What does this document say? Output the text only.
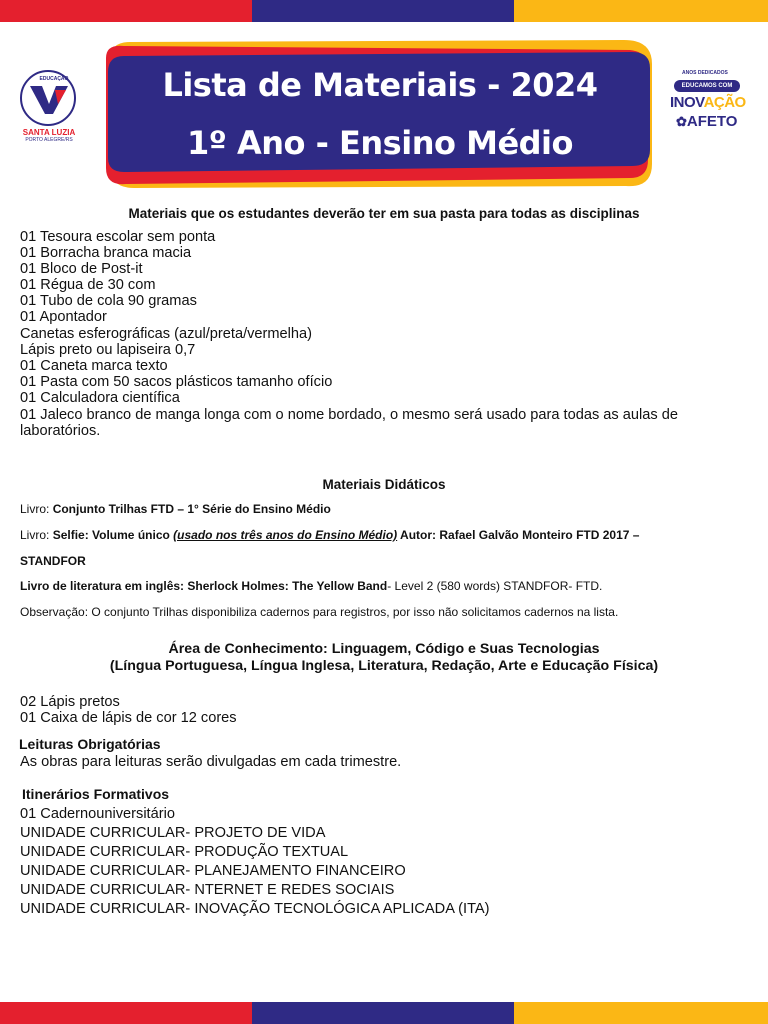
EDUCAÇÃO
SANTA LUZIA
PORTO ALEGRE/RS
ANOS DEDICADOS
EDUCAMOS COM
INOVAÇÃO
✿AFETO
Lista de Materiais - 2024
1º Ano - Ensino Médio
Materiais que os estudantes deverão ter em sua pasta para todas as disciplinas
01 Tesoura escolar sem ponta
01 Borracha branca macia
01 Bloco de Post-it
01 Régua de 30 com
01 Tubo de cola 90 gramas
01 Apontador
Canetas esferográficas (azul/preta/vermelha)
Lápis preto ou lapiseira 0,7
01 Caneta marca texto
01 Pasta com 50 sacos plásticos tamanho ofício
01 Calculadora científica
01 Jaleco branco de manga longa com o nome bordado, o mesmo será usado para todas as aulas de laboratórios.
Materiais Didáticos
Livro: Conjunto Trilhas FTD – 1° Série do Ensino Médio
Livro: Selfie: Volume único (usado nos três anos do Ensino Médio) Autor: Rafael Galvão Monteiro FTD 2017 –
STANDFOR
Livro de literatura em inglês: Sherlock Holmes: The Yellow Band- Level 2 (580 words) STANDFOR- FTD.
Observação: O conjunto Trilhas disponibiliza cadernos para registros, por isso não solicitamos cadernos na lista.
Área de Conhecimento: Linguagem, Código e Suas Tecnologias
(Língua Portuguesa, Língua Inglesa, Literatura, Redação, Arte e Educação Física)
02 Lápis pretos
01 Caixa de lápis de cor 12 cores
Leituras Obrigatórias
As obras para leituras serão divulgadas em cada trimestre.
Itinerários Formativos
01 Cadernouniversitário
UNIDADE CURRICULAR- PROJETO DE VIDA
UNIDADE CURRICULAR- PRODUÇÃO TEXTUAL
UNIDADE CURRICULAR- PLANEJAMENTO FINANCEIRO
UNIDADE CURRICULAR- NTERNET E REDES SOCIAIS
UNIDADE CURRICULAR- INOVAÇÃO TECNOLÓGICA APLICADA (ITA)
